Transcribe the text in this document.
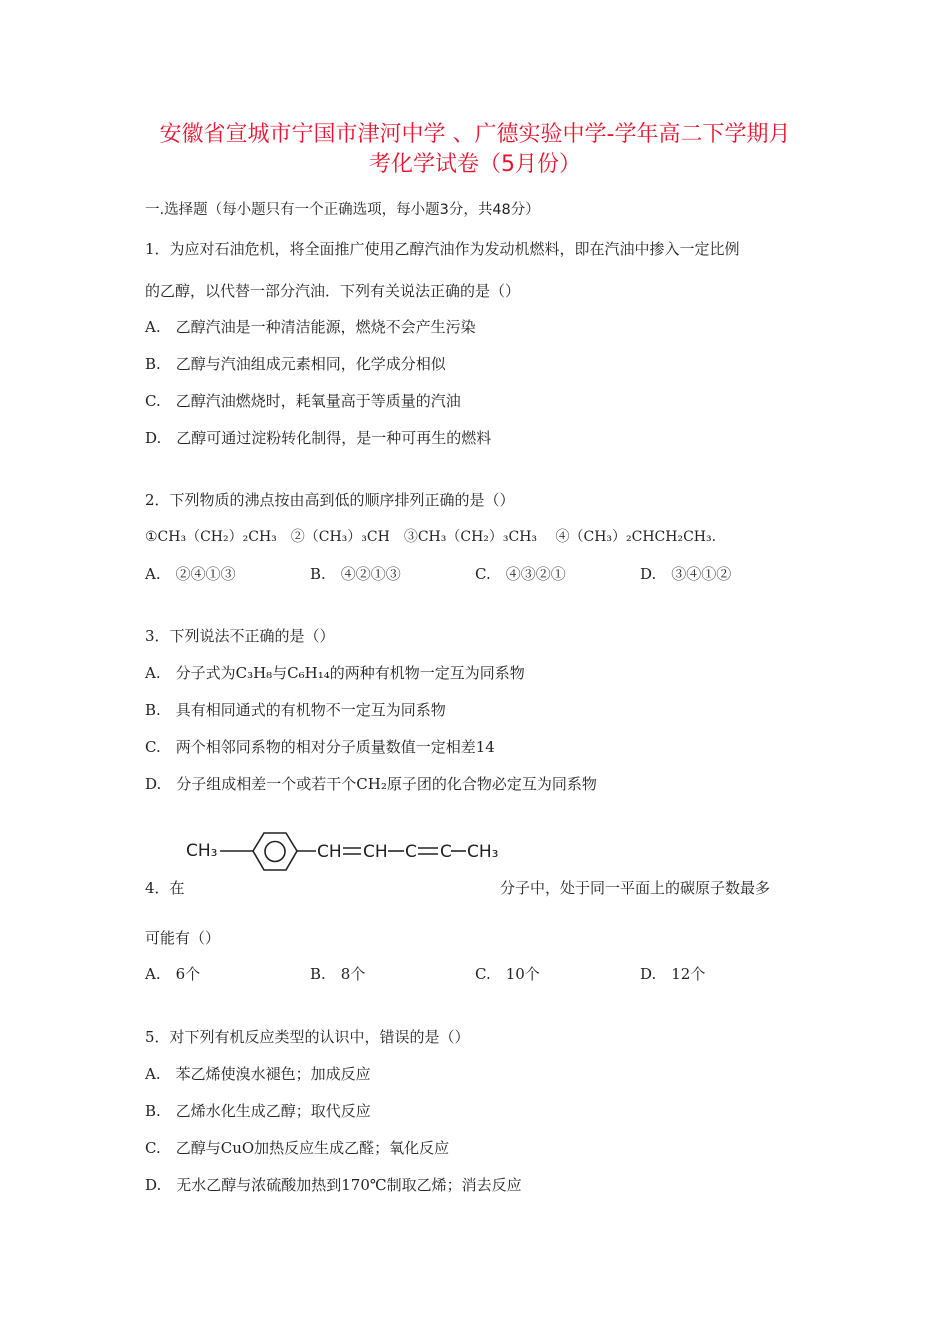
安徽省宣城市宁国市津河中学 、广德实验中学-学年高二下学期月
考化学试卷（5月份）
一.选择题（每小题只有一个正确选项，每小题3分，共48分）
1．为应对石油危机，将全面推广使用乙醇汽油作为发动机燃料，即在汽油中掺入一定比例
的乙醇，以代替一部分汽油．下列有关说法正确的是（）
A.　乙醇汽油是一种清洁能源，燃烧不会产生污染
B.　乙醇与汽油组成元素相同，化学成分相似
C.　乙醇汽油燃烧时，耗氧量高于等质量的汽油
D.　乙醇可通过淀粉转化制得，是一种可再生的燃料
2．下列物质的沸点按由高到低的顺序排列正确的是（）
①CH₃（CH₂）₂CH₃　②（CH₃）₃CH　③CH₃（CH₂）₃CH₃　 ④（CH₃）₂CHCH₂CH₃.
A.　②④①③	B.　④②①③	C.　④③②①	D.　③④①②
3．下列说法不正确的是（）
A.　分子式为C₃H₈与C₆H₁₄的两种有机物一定互为同系物
B.　具有相同通式的有机物不一定互为同系物
C.　两个相邻同系物的相对分子质量数值一定相差14
D.　分子组成相差一个或若干个CH₂原子团的化合物必定互为同系物
CH₃	CH CH C C CH₃
4．在	分子中，处于同一平面上的碳原子数最多
可能有（）
A.　6个	B.　8个	C.　10个	D.　12个
5．对下列有机反应类型的认识中，错误的是（）
A.　苯乙烯使溴水褪色；加成反应
B.　乙烯水化生成乙醇；取代反应
C.　乙醇与CuO加热反应生成乙醛；氧化反应
D.　无水乙醇与浓硫酸加热到170℃制取乙烯；消去反应
